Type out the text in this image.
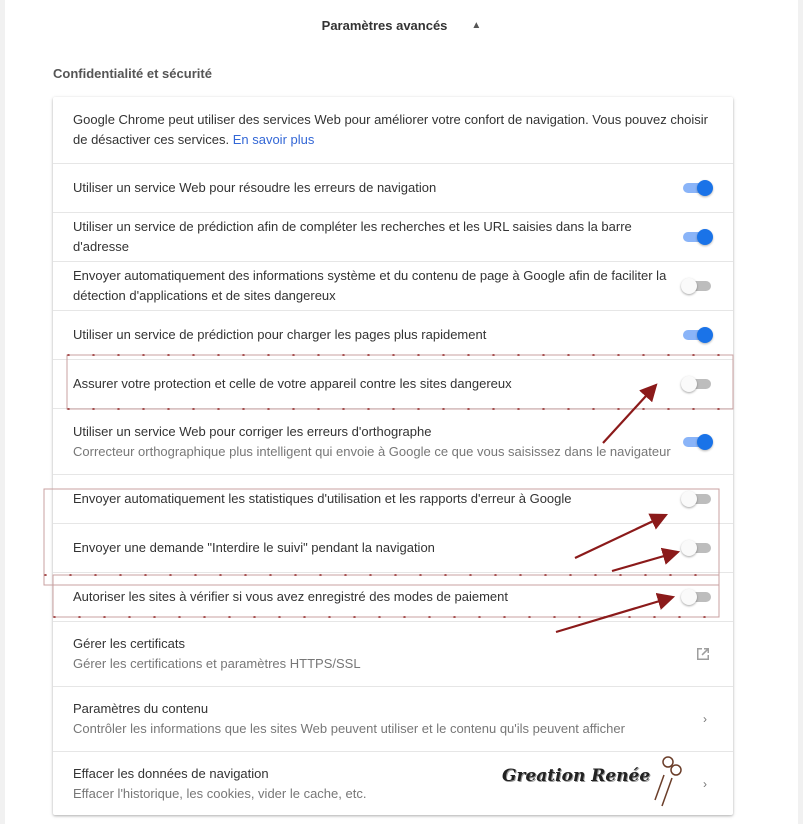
Paramètres avancés ▲
Confidentialité et sécurité
Google Chrome peut utiliser des services Web pour améliorer votre confort de navigation. Vous pouvez choisir de désactiver ces services. En savoir plus
Utiliser un service Web pour résoudre les erreurs de navigation
Utiliser un service de prédiction afin de compléter les recherches et les URL saisies dans la barre d'adresse
Envoyer automatiquement des informations système et du contenu de page à Google afin de faciliter la détection d'applications et de sites dangereux
Utiliser un service de prédiction pour charger les pages plus rapidement
Assurer votre protection et celle de votre appareil contre les sites dangereux
Utiliser un service Web pour corriger les erreurs d'orthographe
Correcteur orthographique plus intelligent qui envoie à Google ce que vous saisissez dans le navigateur
Envoyer automatiquement les statistiques d'utilisation et les rapports d'erreur à Google
Envoyer une demande "Interdire le suivi" pendant la navigation
Autoriser les sites à vérifier si vous avez enregistré des modes de paiement
Gérer les certificats
Gérer les certifications et paramètres HTTPS/SSL
Paramètres du contenu
Contrôler les informations que les sites Web peuvent utiliser et le contenu qu'ils peuvent afficher
›
Effacer les données de navigation
Effacer l'historique, les cookies, vider le cache, etc.
›
Greation Renée
